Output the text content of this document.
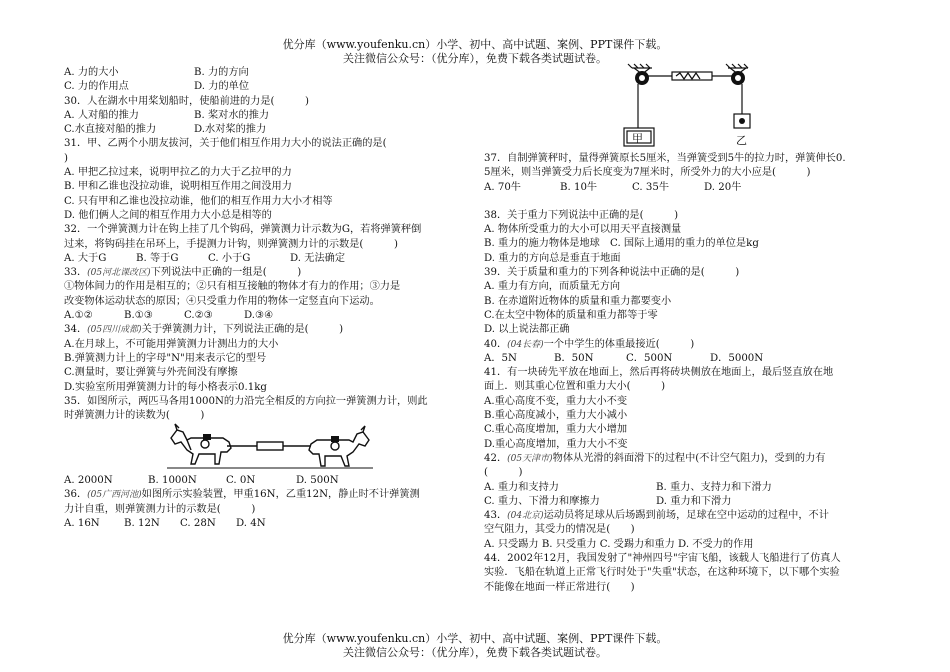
优分库（www.youfenku.cn）小学、初中、高中试题、案例、PPT课件下载。
关注微信公众号：（优分库），免费下载各类试题试卷。
A. 力的大小	B. 力的方向
C. 力的作用点	D. 力的单位
30．人在湖水中用桨划船时，使船前进的力是(　　　)
A. 人对船的推力	B. 桨对水的推力
C.水直接对船的推力	D.水对桨的推力
31．甲、乙两个小朋友拔河，关于他们相互作用力大小的说法正确的是(
)
A. 甲把乙拉过来，说明甲拉乙的力大于乙拉甲的力
B. 甲和乙谁也没拉动谁，说明相互作用之间没用力
C. 只有甲和乙谁也没拉动谁，他们的相互作用力大小才相等
D. 他们俩人之间的相互作用力大小总是相等的
32．一个弹簧测力计在钩上挂了几个钩码，弹簧测力计示数为G，若将弹簧秤倒
过来，将钩码挂在吊环上，手提测力计钩，则弹簧测力计的示数是(　　　)
A. 大于G	B. 等于G	C. 小于G	D. 无法确定
33．(05河北课改区)下列说法中正确的一组是(　　　)
①物体间力的作用是相互的；②只有相互接触的物体才有力的作用；③力是
改变物体运动状态的原因；④只受重力作用的物体一定竖直向下运动。
A.①②	B.①③	C.②③	D.③④
34．(05四川成都)关于弹簧测力计，下列说法正确的是(　　　)
A.在月球上，不可能用弹簧测力计测出力的大小
B.弹簧测力计上的字母"N"用来表示它的型号
C.测量时，要让弹簧与外壳间没有摩擦
D.实验室所用弹簧测力计的每小格表示0.1kg
35．如图所示，两匹马各用1000N的力沿完全相反的方向拉一弹簧测力计，则此
时弹簧测力计的读数为(　　　)
A. 2000N	B. 1000N	C. 0N	D. 500N
36．(05广西河池)如图所示实验装置，甲重16N，乙重12N，静止时不计弹簧测
力计自重，则弹簧测力计的示数是(　　　)
A. 16N	B. 12N	C. 28N	D. 4N
甲	乙
37．自制弹簧秤时，量得弹簧原长5厘米，当弹簧受到5牛的拉力时，弹簧伸长0.
5厘米，则当弹簧受力后长度变为7厘米时，所受外力的大小应是(　　　)
A. 70牛	B. 10牛	C. 35牛	D. 20牛
38．关于重力下列说法中正确的是(　　　)
A. 物体所受重力的大小可以用天平直接测量
B. 重力的施力物体是地球　C. 国际上通用的重力的单位是kg
D. 重力的方向总是垂直于地面
39．关于质量和重力的下列各种说法中正确的是(　　　)
A. 重力有方向，而质量无方向
B. 在赤道附近物体的质量和重力都要变小
C.在太空中物体的质量和重力都等于零
D. 以上说法都正确
40．(04长春)一个中学生的体重最接近(　　　)
A．5N	B．50N	C．500N	D．5000N
41．有一块砖先平放在地面上，然后再将砖块侧放在地面上，最后竖直放在地
面上．则其重心位置和重力大小(　　　)
A.重心高度不变，重力大小不变
B.重心高度减小，重力大小减小
C.重心高度增加，重力大小增加
D.重心高度增加，重力大小不变
42．(05天津市)物体从光滑的斜面滑下的过程中(不计空气阻力)，受到的力有
(　　　)
A. 重力和支持力	B. 重力、支持力和下滑力
C. 重力、下滑力和摩擦力	D. 重力和下滑力
43．(04北京)运动员将足球从后场踢到前场，足球在空中运动的过程中，不计
空气阻力，其受力的情况是(　　)
A. 只受踢力 B. 只受重力 C. 受踢力和重力 D. 不受力的作用
44．2002年12月，我国发射了"神州四号"宇宙飞船，该载人飞船进行了仿真人
实验．飞船在轨道上正常飞行时处于"失重"状态，在这种环境下，以下哪个实验
不能像在地面一样正常进行(　　)
优分库（www.youfenku.cn）小学、初中、高中试题、案例、PPT课件下载。
关注微信公众号：（优分库），免费下载各类试题试卷。
